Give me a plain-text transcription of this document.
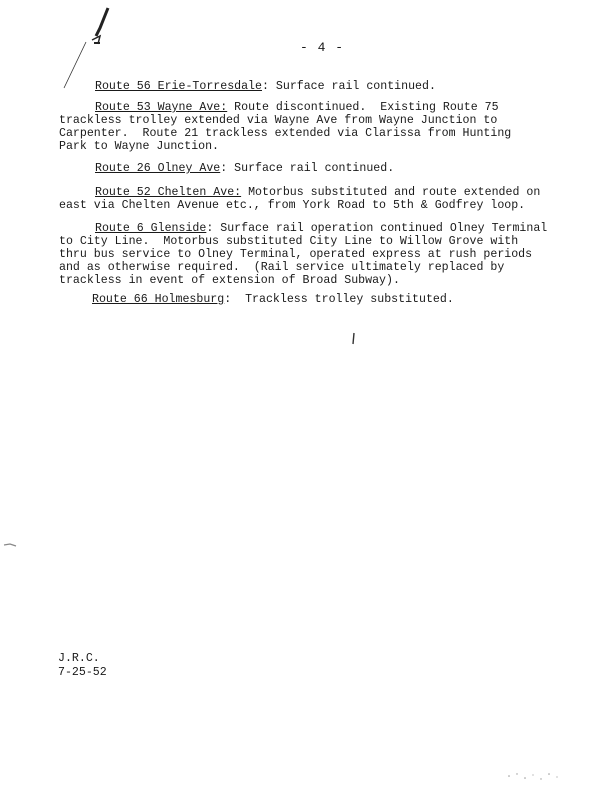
- 4 -
Route 56 Erie-Torresdale: Surface rail continued.
Route 53 Wayne Ave: Route discontinued.  Existing Route 75
trackless trolley extended via Wayne Ave from Wayne Junction to
Carpenter.  Route 21 trackless extended via Clarissa from Hunting
Park to Wayne Junction.
Route 26 Olney Ave: Surface rail continued.
Route 52 Chelten Ave: Motorbus substituted and route extended on
east via Chelten Avenue etc., from York Road to 5th & Godfrey loop.
Route 6 Glenside: Surface rail operation continued Olney Terminal
to City Line.  Motorbus substituted City Line to Willow Grove with
thru bus service to Olney Terminal, operated express at rush periods
and as otherwise required.  (Rail service ultimately replaced by
trackless in event of extension of Broad Subway).
Route 66 Holmesburg:  Trackless trolley substituted.
J.R.C.
7-25-52
